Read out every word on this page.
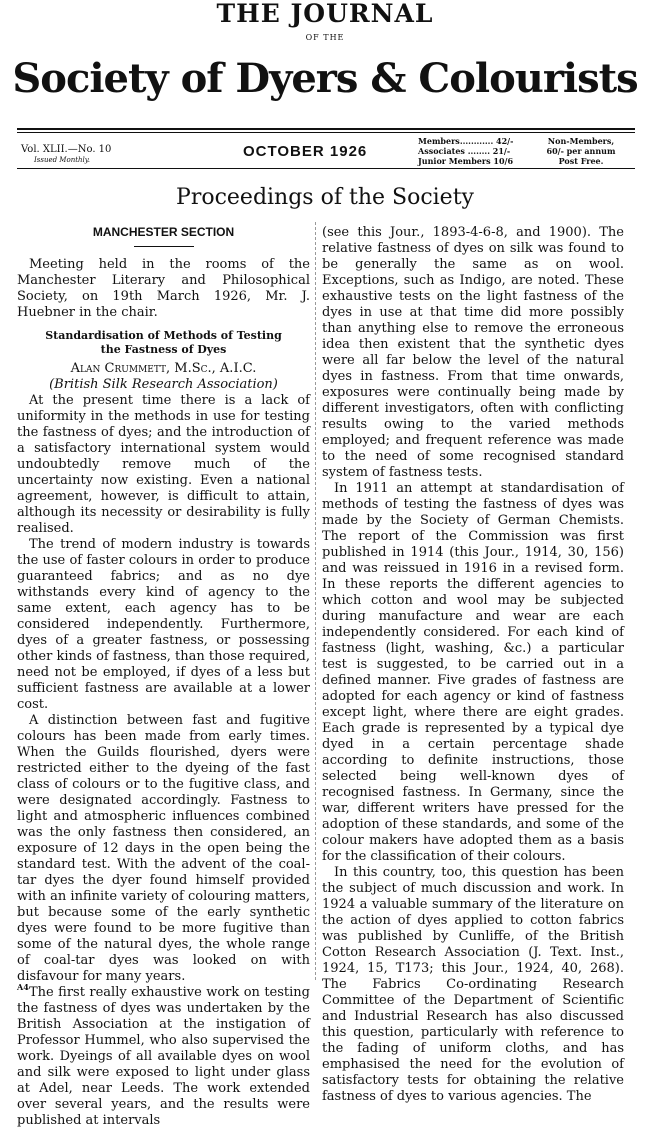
THE JOURNAL
OF THE
Society of Dyers & Colourists
Vol. XLII.—No. 10
Issued Monthly.	OCTOBER 1926
Members............ 42/-
Associates ........ 21/-
Junior Members 10/6
Non-Members,
60/- per annum
Post Free.
Proceedings of the Society
MANCHESTER SECTION

Meeting held in the rooms of the Manchester Literary and Philosophical Society, on 19th March 1926, Mr. J. Huebner in the chair.

Standardisation of Methods of Testing the Fastness of Dyes
Alan Crummett, M.Sc., A.I.C.
(British Silk Research Association)

At the present time there is a lack of uniformity in the methods in use for testing the fastness of dyes; and the introduction of a satisfactory international system would undoubtedly remove much of the uncertainty now existing. Even a national agreement, however, is difficult to attain, although its necessity or desirability is fully realised.

The trend of modern industry is towards the use of faster colours in order to produce guaranteed fabrics; and as no dye withstands every kind of agency to the same extent, each agency has to be considered independently. Furthermore, dyes of a greater fastness, or possessing other kinds of fastness, than those required, need not be employed, if dyes of a less but sufficient fastness are available at a lower cost.

A distinction between fast and fugitive colours has been made from early times. When the Guilds flourished, dyers were restricted either to the dyeing of the fast class of colours or to the fugitive class, and were designated accordingly. Fastness to light and atmospheric influences combined was the only fastness then considered, an exposure of 12 days in the open being the standard test. With the advent of the coal-tar dyes the dyer found himself provided with an infinite variety of colouring matters, but because some of the early synthetic dyes were found to be more fugitive than some of the natural dyes, the whole range of coal-tar dyes was looked on with disfavour for many years.

The first really exhaustive work on testing the fastness of dyes was undertaken by the British Association at the instigation of Professor Hummel, who also supervised the work. Dyeings of all available dyes on wool and silk were exposed to light under glass at Adel, near Leeds. The work extended over several years, and the results were published at intervals

(see this Jour., 1893-4-6-8, and 1900). The relative fastness of dyes on silk was found to be generally the same as on wool. Exceptions, such as Indigo, are noted. These exhaustive tests on the light fastness of the dyes in use at that time did more possibly than anything else to remove the erroneous idea then existent that the synthetic dyes were all far below the level of the natural dyes in fastness. From that time onwards, exposures were continually being made by different investigators, often with conflicting results owing to the varied methods employed; and frequent reference was made to the need of some recognised standard system of fastness tests.

In 1911 an attempt at standardisation of methods of testing the fastness of dyes was made by the Society of German Chemists. The report of the Commission was first published in 1914 (this Jour., 1914, 30, 156) and was reissued in 1916 in a revised form. In these reports the different agencies to which cotton and wool may be subjected during manufacture and wear are each independently considered. For each kind of fastness (light, washing, &c.) a particular test is suggested, to be carried out in a defined manner. Five grades of fastness are adopted for each agency or kind of fastness except light, where there are eight grades. Each grade is represented by a typical dye dyed in a certain percentage shade according to definite instructions, those selected being well-known dyes of recognised fastness. In Germany, since the war, different writers have pressed for the adoption of these standards, and some of the colour makers have adopted them as a basis for the classification of their colours.

In this country, too, this question has been the subject of much discussion and work. In 1924 a valuable summary of the literature on the action of dyes applied to cotton fabrics was published by Cunliffe, of the British Cotton Research Association (J. Text. Inst., 1924, 15, T173; this Jour., 1924, 40, 268). The Fabrics Co-ordinating Research Committee of the Department of Scientific and Industrial Research has also discussed this question, particularly with reference to the fading of uniform cloths, and has emphasised the need for the evolution of satisfactory tests for obtaining the relative fastness of dyes to various agencies. The

A4
